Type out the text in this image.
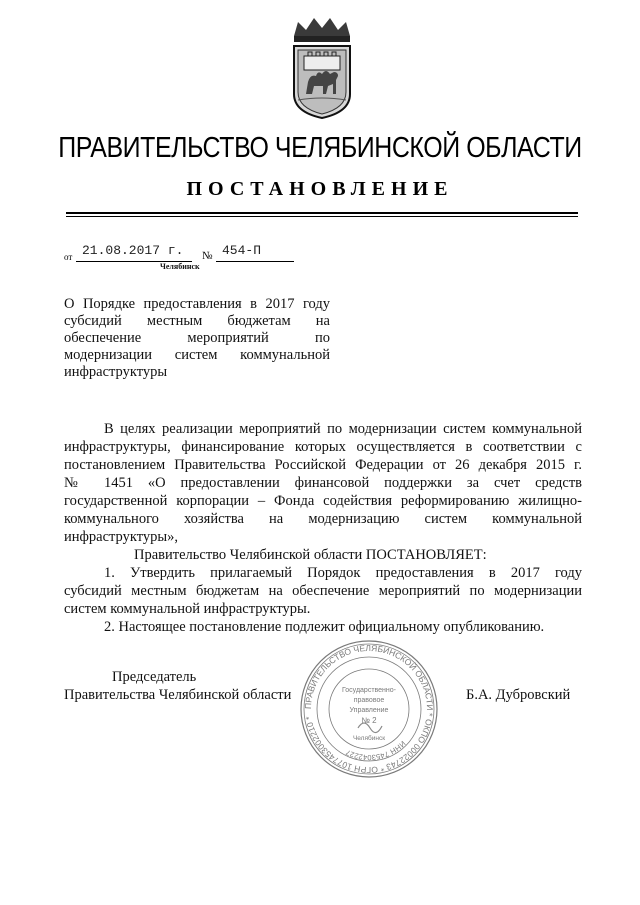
ПРАВИТЕЛЬСТВО ЧЕЛЯБИНСКОЙ ОБЛАСТИ
ПОСТАНОВЛЕНИЕ
от 21.08.2017 г. № 454-П
Челябинск
О Порядке предоставления в 2017 году
субсидий местным бюджетам на
обеспечение мероприятий по
модернизации систем коммунальной
инфраструктуры
В целях реализации мероприятий по модернизации систем коммунальной
инфраструктуры, финансирование которых осуществляется в соответствии с
постановлением Правительства Российской Федерации от 26 декабря 2015 г.
№ 1451 «О предоставлении финансовой поддержки за счет средств
государственной корпорации – Фонда содействия реформированию жилищно-
коммунального хозяйства на модернизацию систем коммунальной
инфраструктуры»,
Правительство Челябинской области ПОСТАНОВЛЯЕТ:
1. Утвердить прилагаемый Порядок предоставления в 2017 году
субсидий местным бюджетам на обеспечение мероприятий по модернизации
систем коммунальной инфраструктуры.
2. Настоящее постановление подлежит официальному опубликованию.
Председатель
Правительства Челябинской области	Б.А. Дубровский
ПРАВИТЕЛЬСТВО ЧЕЛЯБИНСКОЙ ОБЛАСТИ * ОКПО 00022743 * ОГРН 1077453002210 *
ИНН 7453042227
Государственно-
правовое
Управление
№ 2
Челябинск
